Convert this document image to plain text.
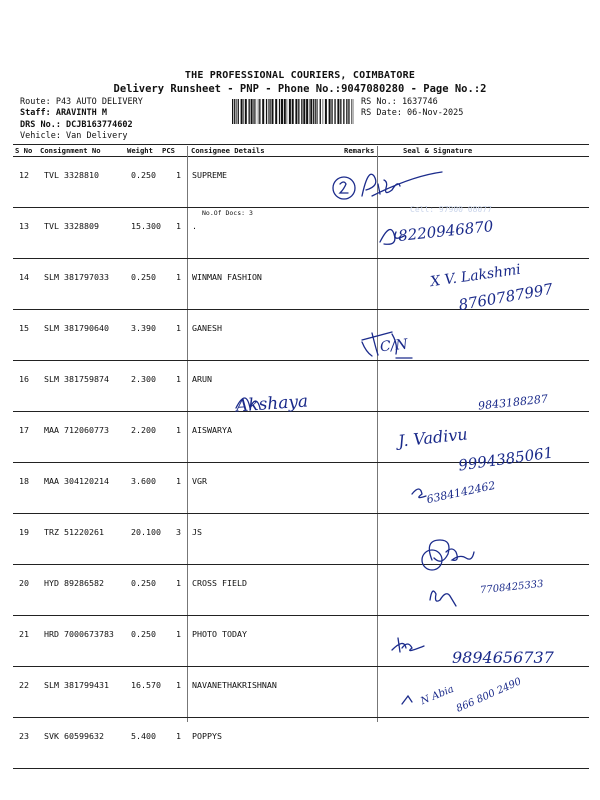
THE PROFESSIONAL COURIERS, COIMBATORE
Delivery Runsheet - PNP - Phone No.:9047080280 - Page No.:2
Route: P43 AUTO DELIVERY
Staff: ARAVINTH M
DRS No.: DCJB163774602
Vehicle: Van Delivery
RS No.: 1637746
RS Date: 06-Nov-2025
S No Consignment No	Weight PCS Consignee Details	Remarks	Seal & Signature
12 TVL 3328810	0.250 1 SUPREME
13 TVL 3328809	15.300 1 .
14 SLM 381797033	0.250 1 WINMAN FASHION
15 SLM 381790640	3.390 1 GANESH
16 SLM 381759874	2.300 1 ARUN
17 MAA 712060773	2.200 1 AISWARYA
18 MAA 304120214	3.600 1 VGR
19 TRZ 51220261	20.100 3 JS
20 HYD 89286582	0.250 1 CROSS FIELD
21 HRD 7000673783 0.250 1 PHOTO TODAY
22 SLM 381799431	16.570 1 NAVANETHAKRISHNAN
23 SVK 60599632	5.400 1 POPPYS
No.Of Docs: 3	Cell: 97900 08077
8220946870
X V. Lakshmi
8760787997
C/N
Akshaya	9843188287
J. Vadivu
9994385061
6384142462
7708425333
9894656737
N Abia 866 800 2490
